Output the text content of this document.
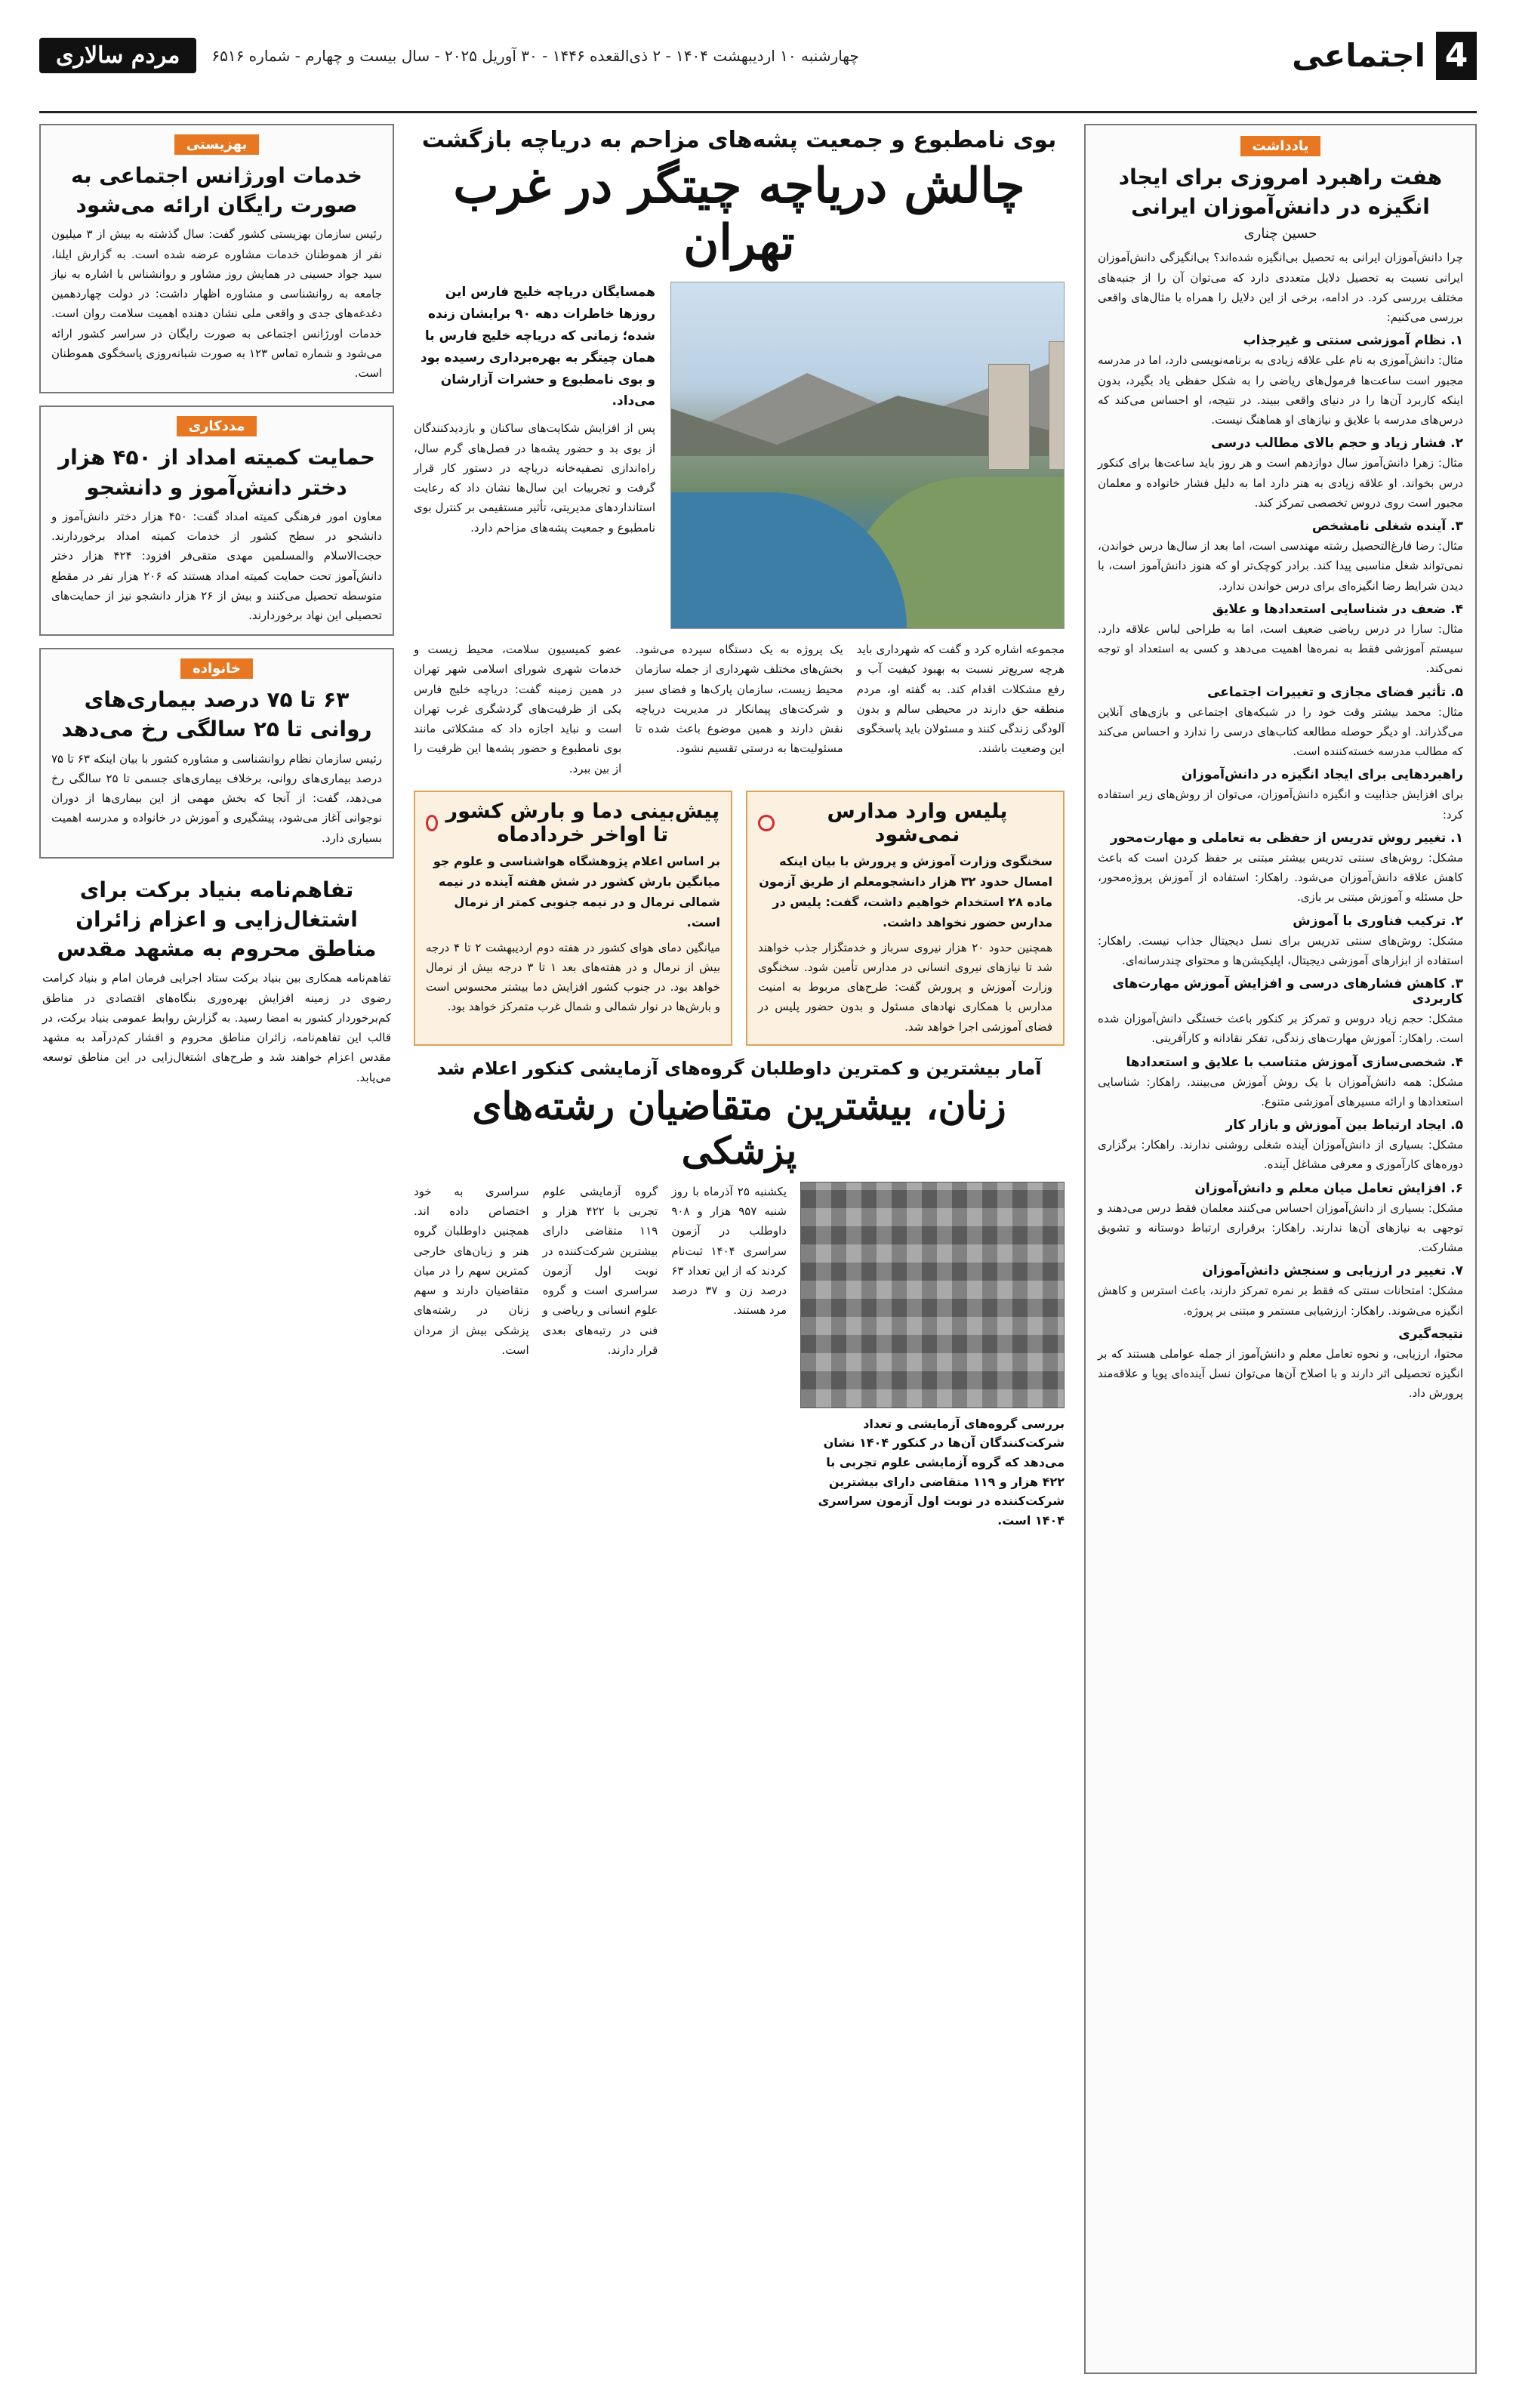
4
اجتماعی
چهارشنبه ۱۰ اردیبهشت ۱۴۰۴ - ۲ ذی‌القعده ۱۴۴۶ - ۳۰ آوریل ۲۰۲۵ - سال بیست و چهارم - شماره ۶۵۱۶
مردم سالاری
یادداشت
هفت راهبرد امروزی برای ایجاد انگیزه در دانش‌آموزان ایرانی
حسین چناری

چرا دانش‌آموزان ایرانی به تحصیل بی‌انگیزه شده‌اند؟ بی‌انگیزگی دانش‌آموزان ایرانی نسبت به تحصیل دلایل متعددی دارد که می‌توان آن را از جنبه‌های مختلف بررسی کرد. در ادامه، برخی از این دلایل را همراه با مثال‌های واقعی بررسی می‌کنیم:

۱. نظام آموزشی سنتی و غیرجذاب

مثال: دانش‌آموزی به نام علی علاقه زیادی به برنامه‌نویسی دارد، اما در مدرسه مجبور است ساعت‌ها فرمول‌های ریاضی را به شکل حفظی یاد بگیرد، بدون اینکه کاربرد آن‌ها را در دنیای واقعی ببیند. در نتیجه، او احساس می‌کند که درس‌های مدرسه با علایق و نیازهای او هماهنگ نیست.

۲. فشار زیاد و حجم بالای مطالب درسی

مثال: زهرا دانش‌آموز سال دوازدهم است و هر روز باید ساعت‌ها برای کنکور درس بخواند. او علاقه زیادی به هنر دارد اما به دلیل فشار خانواده و معلمان مجبور است روی دروس تخصصی تمرکز کند.

۳. آینده شغلی نامشخص

مثال: رضا فارغ‌التحصیل رشته مهندسی است، اما بعد از سال‌ها درس خواندن، نمی‌تواند شغل مناسبی پیدا کند. برادر کوچک‌تر او که هنوز دانش‌آموز است، با دیدن شرایط رضا انگیزه‌ای برای درس خواندن ندارد.

۴. ضعف در شناسایی استعدادها و علایق

مثال: سارا در درس ریاضی ضعیف است، اما به طراحی لباس علاقه دارد. سیستم آموزشی فقط به نمره‌ها اهمیت می‌دهد و کسی به استعداد او توجه نمی‌کند.

۵. تأثیر فضای مجازی و تغییرات اجتماعی

مثال: محمد بیشتر وقت خود را در شبکه‌های اجتماعی و بازی‌های آنلاین می‌گذراند. او دیگر حوصله مطالعه کتاب‌های درسی را ندارد و احساس می‌کند که مطالب مدرسه خسته‌کننده است.

راهبردهایی برای ایجاد انگیزه در دانش‌آموزان

برای افزایش جذابیت و انگیزه دانش‌آموزان، می‌توان از روش‌های زیر استفاده کرد:

۱. تغییر روش تدریس از حفظی به تعاملی و مهارت‌محور

مشکل: روش‌های سنتی تدریس بیشتر مبتنی بر حفظ کردن است که باعث کاهش علاقه دانش‌آموزان می‌شود. راهکار: استفاده از آموزش پروژه‌محور، حل مسئله و آموزش مبتنی بر بازی.

۲. ترکیب فناوری با آموزش

مشکل: روش‌های سنتی تدریس برای نسل دیجیتال جذاب نیست. راهکار: استفاده از ابزارهای آموزشی دیجیتال، اپلیکیشن‌ها و محتوای چندرسانه‌ای.

۳. کاهش فشارهای درسی و افزایش آموزش مهارت‌های کاربردی

مشکل: حجم زیاد دروس و تمرکز بر کنکور باعث خستگی دانش‌آموزان شده است. راهکار: آموزش مهارت‌های زندگی، تفکر نقادانه و کارآفرینی.

۴. شخصی‌سازی آموزش متناسب با علایق و استعدادها

مشکل: همه دانش‌آموزان با یک روش آموزش می‌بینند. راهکار: شناسایی استعدادها و ارائه مسیرهای آموزشی متنوع.

۵. ایجاد ارتباط بین آموزش و بازار کار

مشکل: بسیاری از دانش‌آموزان آینده شغلی روشنی ندارند. راهکار: برگزاری دوره‌های کارآموزی و معرفی مشاغل آینده.

۶. افزایش تعامل میان معلم و دانش‌آموزان

مشکل: بسیاری از دانش‌آموزان احساس می‌کنند معلمان فقط درس می‌دهند و توجهی به نیازهای آن‌ها ندارند. راهکار: برقراری ارتباط دوستانه و تشویق مشارکت.

۷. تغییر در ارزیابی و سنجش دانش‌آموزان

مشکل: امتحانات سنتی که فقط بر نمره تمرکز دارند، باعث استرس و کاهش انگیزه می‌شوند. راهکار: ارزشیابی مستمر و مبتنی بر پروژه.

نتیجه‌گیری

محتوا، ارزیابی، و نحوه تعامل معلم و دانش‌آموز از جمله عواملی هستند که بر انگیزه تحصیلی اثر دارند و با اصلاح آن‌ها می‌توان نسل آینده‌ای پویا و علاقه‌مند پرورش داد.

بوی نامطبوع و جمعیت پشه‌های مزاحم به دریاچه بازگشت
چالش دریاچه چیتگر در غرب تهران

همسایگان دریاچه خلیج فارس این روزها خاطرات دهه ۹۰ برایشان زنده شده؛ زمانی که دریاچه خلیج فارس با همان چیتگر به بهره‌برداری رسیده بود و بوی نامطبوع و حشرات آزارشان می‌داد.

پس از افزایش شکایت‌های ساکنان و بازدیدکنندگان از بوی بد و حضور پشه‌ها در فصل‌های گرم سال، راه‌اندازی تصفیه‌خانه دریاچه در دستور کار قرار گرفت و تجربیات این سال‌ها نشان داد که رعایت استانداردهای مدیریتی، تأثیر مستقیمی بر کنترل بوی نامطبوع و جمعیت پشه‌های مزاحم دارد.

مجموعه اشاره کرد و گفت که شهرداری باید هرچه سریع‌تر نسبت به بهبود کیفیت آب و رفع مشکلات اقدام کند. به گفته او، مردم منطقه حق دارند در محیطی سالم و بدون آلودگی زندگی کنند و مسئولان باید پاسخگوی این وضعیت باشند.

یک پروژه به یک دستگاه سپرده می‌شود. بخش‌های مختلف شهرداری از جمله سازمان محیط زیست، سازمان پارک‌ها و فضای سبز و شرکت‌های پیمانکار در مدیریت دریاچه نقش دارند و همین موضوع باعث شده تا مسئولیت‌ها به درستی تقسیم نشود.

عضو کمیسیون سلامت، محیط زیست و خدمات شهری شورای اسلامی شهر تهران در همین زمینه گفت: دریاچه خلیج فارس یکی از ظرفیت‌های گردشگری غرب تهران است و نباید اجازه داد که مشکلاتی مانند بوی نامطبوع و حضور پشه‌ها این ظرفیت را از بین ببرد.

پلیس وارد مدارس نمی‌شود

سخنگوی وزارت آموزش و پرورش با بیان اینکه امسال حدود ۳۲ هزار دانشجو‌معلم از طریق آزمون ماده ۲۸ استخدام خواهیم داشت، گفت: پلیس در مدارس حضور نخواهد داشت.

همچنین حدود ۲۰ هزار نیروی سرباز و خدمتگزار جذب خواهند شد تا نیازهای نیروی انسانی در مدارس تأمین شود. سخنگوی وزارت آموزش و پرورش گفت: طرح‌های مربوط به امنیت مدارس با همکاری نهادهای مسئول و بدون حضور پلیس در فضای آموزشی اجرا خواهد شد.

پیش‌بینی دما و بارش کشور تا اواخر خردادماه

بر اساس اعلام پژوهشگاه هواشناسی و علوم جو میانگین بارش کشور در شش هفته آینده در نیمه شمالی نرمال و در نیمه جنوبی کمتر از نرمال است.

میانگین دمای هوای کشور در هفته دوم اردیبهشت ۲ تا ۴ درجه بیش از نرمال و در هفته‌های بعد ۱ تا ۳ درجه بیش از نرمال خواهد بود. در جنوب کشور افزایش دما بیشتر محسوس است و بارش‌ها در نوار شمالی و شمال غرب متمرکز خواهد بود.

آمار بیشترین و کمترین داوطلبان گروه‌های آزمایشی کنکور اعلام شد
زنان، بیشترین متقاضیان رشته‌های پزشکی

بررسی گروه‌های آزمایشی و تعداد شرکت‌کنندگان آن‌ها در کنکور ۱۴۰۴ نشان می‌دهد که گروه آزمایشی علوم تجربی با ۴۲۲ هزار و ۱۱۹ متقاضی دارای بیشترین شرکت‌کننده در نوبت اول آزمون سراسری ۱۴۰۴ است.

یکشنبه ۲۵ آذرماه با روز شنبه ۹۵۷ هزار و ۹۰۸ داوطلب در آزمون سراسری ۱۴۰۴ ثبت‌نام کردند که از این تعداد ۶۳ درصد زن و ۳۷ درصد مرد هستند.

گروه آزمایشی علوم تجربی با ۴۲۲ هزار و ۱۱۹ متقاضی دارای بیشترین شرکت‌کننده در نوبت اول آزمون سراسری است و گروه علوم انسانی و ریاضی و فنی در رتبه‌های بعدی قرار دارند.

سراسری به خود اختصاص داده اند. همچنین داوطلبان گروه هنر و زبان‌های خارجی کمترین سهم را در میان متقاضیان دارند و سهم زنان در رشته‌های پزشکی بیش از مردان است.

بهزیستی
خدمات اورژانس اجتماعی به صورت رایگان ارائه می‌شود

رئیس سازمان بهزیستی کشور گفت: سال گذشته به بیش از ۳ میلیون نفر از هموطنان خدمات مشاوره عرضه شده است. به گزارش ایلنا، سید جواد حسینی در همایش روز مشاور و روانشناس با اشاره به نیاز جامعه به روانشناسی و مشاوره اظهار داشت: در دولت چهاردهمین دغدغه‌های جدی و واقعی ملی نشان دهنده اهمیت سلامت روان است. خدمات اورژانس اجتماعی به صورت رایگان در سراسر کشور ارائه می‌شود و شماره تماس ۱۲۳ به صورت شبانه‌روزی پاسخگوی هموطنان است.

مددکاری
حمایت کمیته امداد از ۴۵۰ هزار دختر دانش‌آموز و دانشجو

معاون امور فرهنگی کمیته امداد گفت: ۴۵۰ هزار دختر دانش‌آموز و دانشجو در سطح کشور از خدمات کمیته امداد برخوردارند. حجت‌الاسلام والمسلمین مهدی متقی‌فر افزود: ۴۲۴ هزار دختر دانش‌آموز تحت حمایت کمیته امداد هستند که ۲۰۶ هزار نفر در مقطع متوسطه تحصیل می‌کنند و بیش از ۲۶ هزار دانشجو نیز از حمایت‌های تحصیلی این نهاد برخوردارند.

خانواده
۶۳ تا ۷۵ درصد بیماری‌های روانی تا ۲۵ سالگی رخ می‌دهد

رئیس سازمان نظام روانشناسی و مشاوره کشور با بیان اینکه ۶۳ تا ۷۵ درصد بیماری‌های روانی، برخلاف بیماری‌های جسمی تا ۲۵ سالگی رخ می‌دهد، گفت: از آنجا که بخش مهمی از این بیماری‌ها از دوران نوجوانی آغاز می‌شود، پیشگیری و آموزش در خانواده و مدرسه اهمیت بسیاری دارد.

تفاهم‌نامه بنیاد برکت برای اشتغال‌زایی و اعزام زائران مناطق محروم به مشهد مقدس

تفاهم‌نامه همکاری بین بنیاد برکت ستاد اجرایی فرمان امام و بنیاد کرامت رضوی در زمینه افزایش بهره‌وری بنگاه‌های اقتصادی در مناطق کم‌برخوردار کشور به امضا رسید. به گزارش روابط عمومی بنیاد برکت، در قالب این تفاهم‌نامه، زائران مناطق محروم و اقشار کم‌درآمد به مشهد مقدس اعزام خواهند شد و طرح‌های اشتغال‌زایی در این مناطق توسعه می‌یابد.
